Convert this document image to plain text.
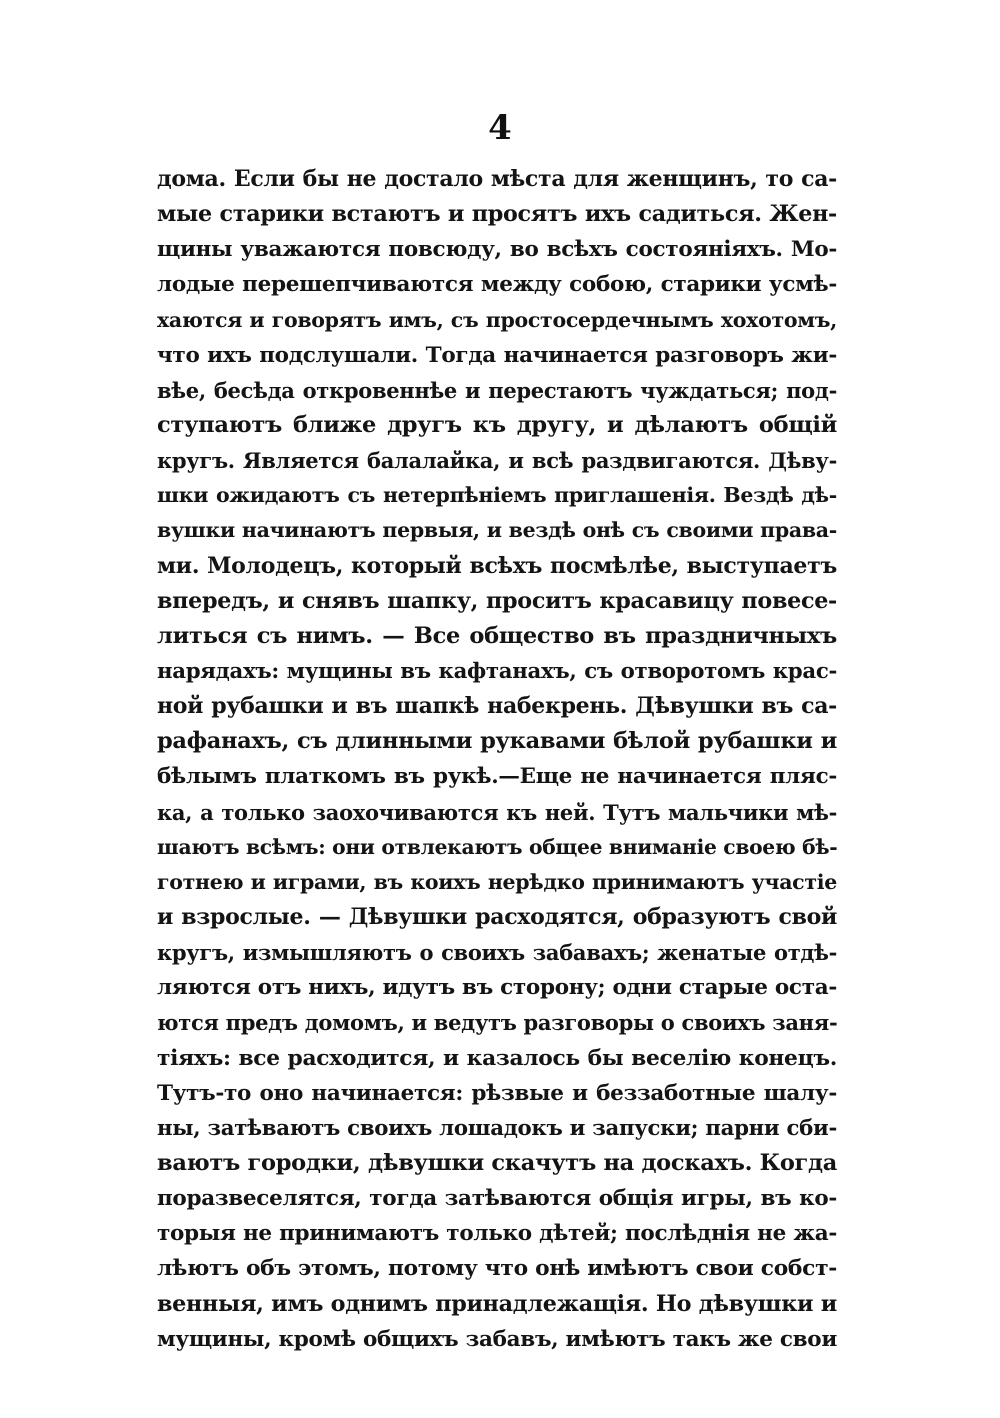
4
дома. Если бы не достало мѣста для женщинъ, то са-
мые старики встаютъ и просятъ ихъ садиться. Жен-
щины уважаются повсюду, во всѣхъ состояніяхъ. Мо-
лодые перешепчиваются между собою, старики усмѣ-
хаются и говорятъ имъ, съ простосердечнымъ хохотомъ,
что ихъ подслушали. Тогда начинается разговоръ жи-
вѣе, бесѣда откровеннѣе и перестаютъ чуждаться; под-
ступаютъ ближе другъ къ другу, и дѣлаютъ общій
кругъ. Является балалайка, и всѣ раздвигаются. Дѣву-
шки ожидаютъ съ нетерпѣніемъ приглашенія. Вездѣ дѣ-
вушки начинаютъ первыя, и вездѣ онѣ съ своими права-
ми. Молодецъ, который всѣхъ посмѣлѣе, выступаетъ
впередъ, и снявъ шапку, проситъ красавицу повесе-
литься съ нимъ. — Все общество въ праздничныхъ
нарядахъ: мущины въ кафтанахъ, съ отворотомъ крас-
ной рубашки и въ шапкѣ набекрень. Дѣвушки въ са-
рафанахъ, съ длинными рукавами бѣлой рубашки и
бѣлымъ платкомъ въ рукѣ.—Еще не начинается пляс-
ка, а только заохочиваются къ ней. Тутъ мальчики мѣ-
шаютъ всѣмъ: они отвлекаютъ общее вниманіе своею бѣ-
готнею и играми, въ коихъ нерѣдко принимаютъ участіе
и взрослые. — Дѣвушки расходятся, образуютъ свой
кругъ, измышляютъ о своихъ забавахъ; женатые отдѣ-
ляются отъ нихъ, идутъ въ сторону; одни старые оста-
ются предъ домомъ, и ведутъ разговоры о своихъ заня-
тіяхъ: все расходится, и казалось бы веселію конецъ.
Тутъ-то оно начинается: рѣзвые и беззаботные шалу-
ны, затѣваютъ своихъ лошадокъ и запуски; парни сби-
ваютъ городки, дѣвушки скачутъ на доскахъ. Когда
поразвеселятся, тогда затѣваются общія игры, въ ко-
торыя не принимаютъ только дѣтей; послѣднія не жа-
лѣютъ объ этомъ, потому что онѣ имѣютъ свои собст-
венныя, имъ однимъ принадлежащія. Но дѣвушки и
мущины, кромѣ общихъ забавъ, имѣютъ такъ же свои
